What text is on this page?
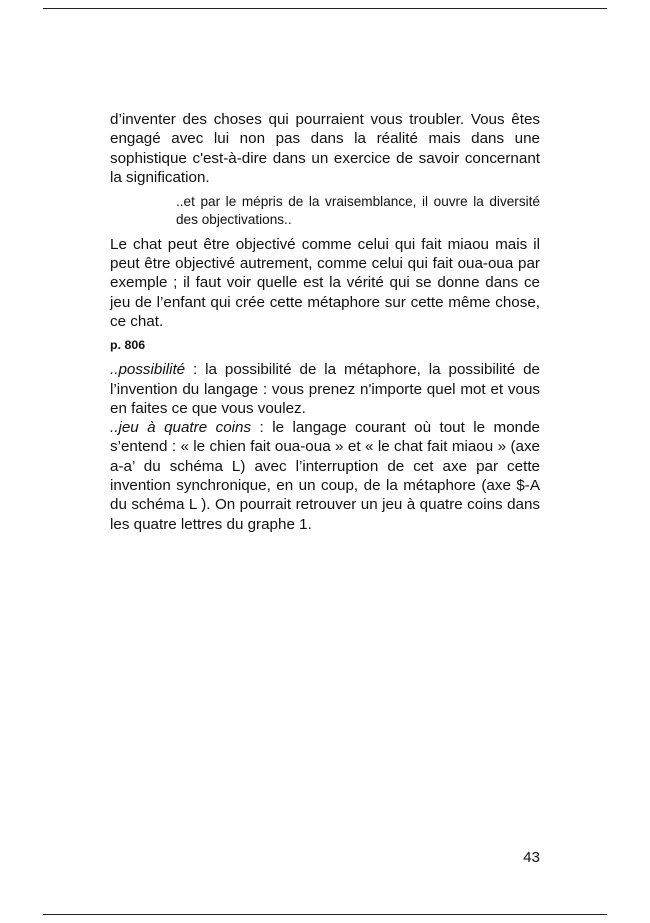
d’inventer des choses qui pourraient vous troubler. Vous êtes engagé avec lui non pas dans la réalité mais dans une sophistique c'est-à-dire dans un exercice de savoir concernant la signification.

..et par le mépris de la vraisemblance, il ouvre la diversité des objectivations..

Le chat peut être objectivé comme celui qui fait miaou mais il peut être objectivé autrement, comme celui qui fait oua-oua par exemple ; il faut voir quelle est la vérité qui se donne dans ce jeu de l’enfant qui crée cette métaphore sur cette même chose, ce chat.

p. 806

..possibilité : la possibilité de la métaphore, la possibilité de l’invention du langage : vous prenez n'importe quel mot et vous en faites ce que vous voulez.

..jeu à quatre coins : le langage courant où tout le monde s’entend : « le chien fait oua-oua » et « le chat fait miaou » (axe a-a’ du schéma L) avec l’interruption de cet axe par cette invention synchronique, en un coup, de la métaphore (axe $-A du schéma L ). On pourrait retrouver un jeu à quatre coins dans les quatre lettres du graphe 1.

43
